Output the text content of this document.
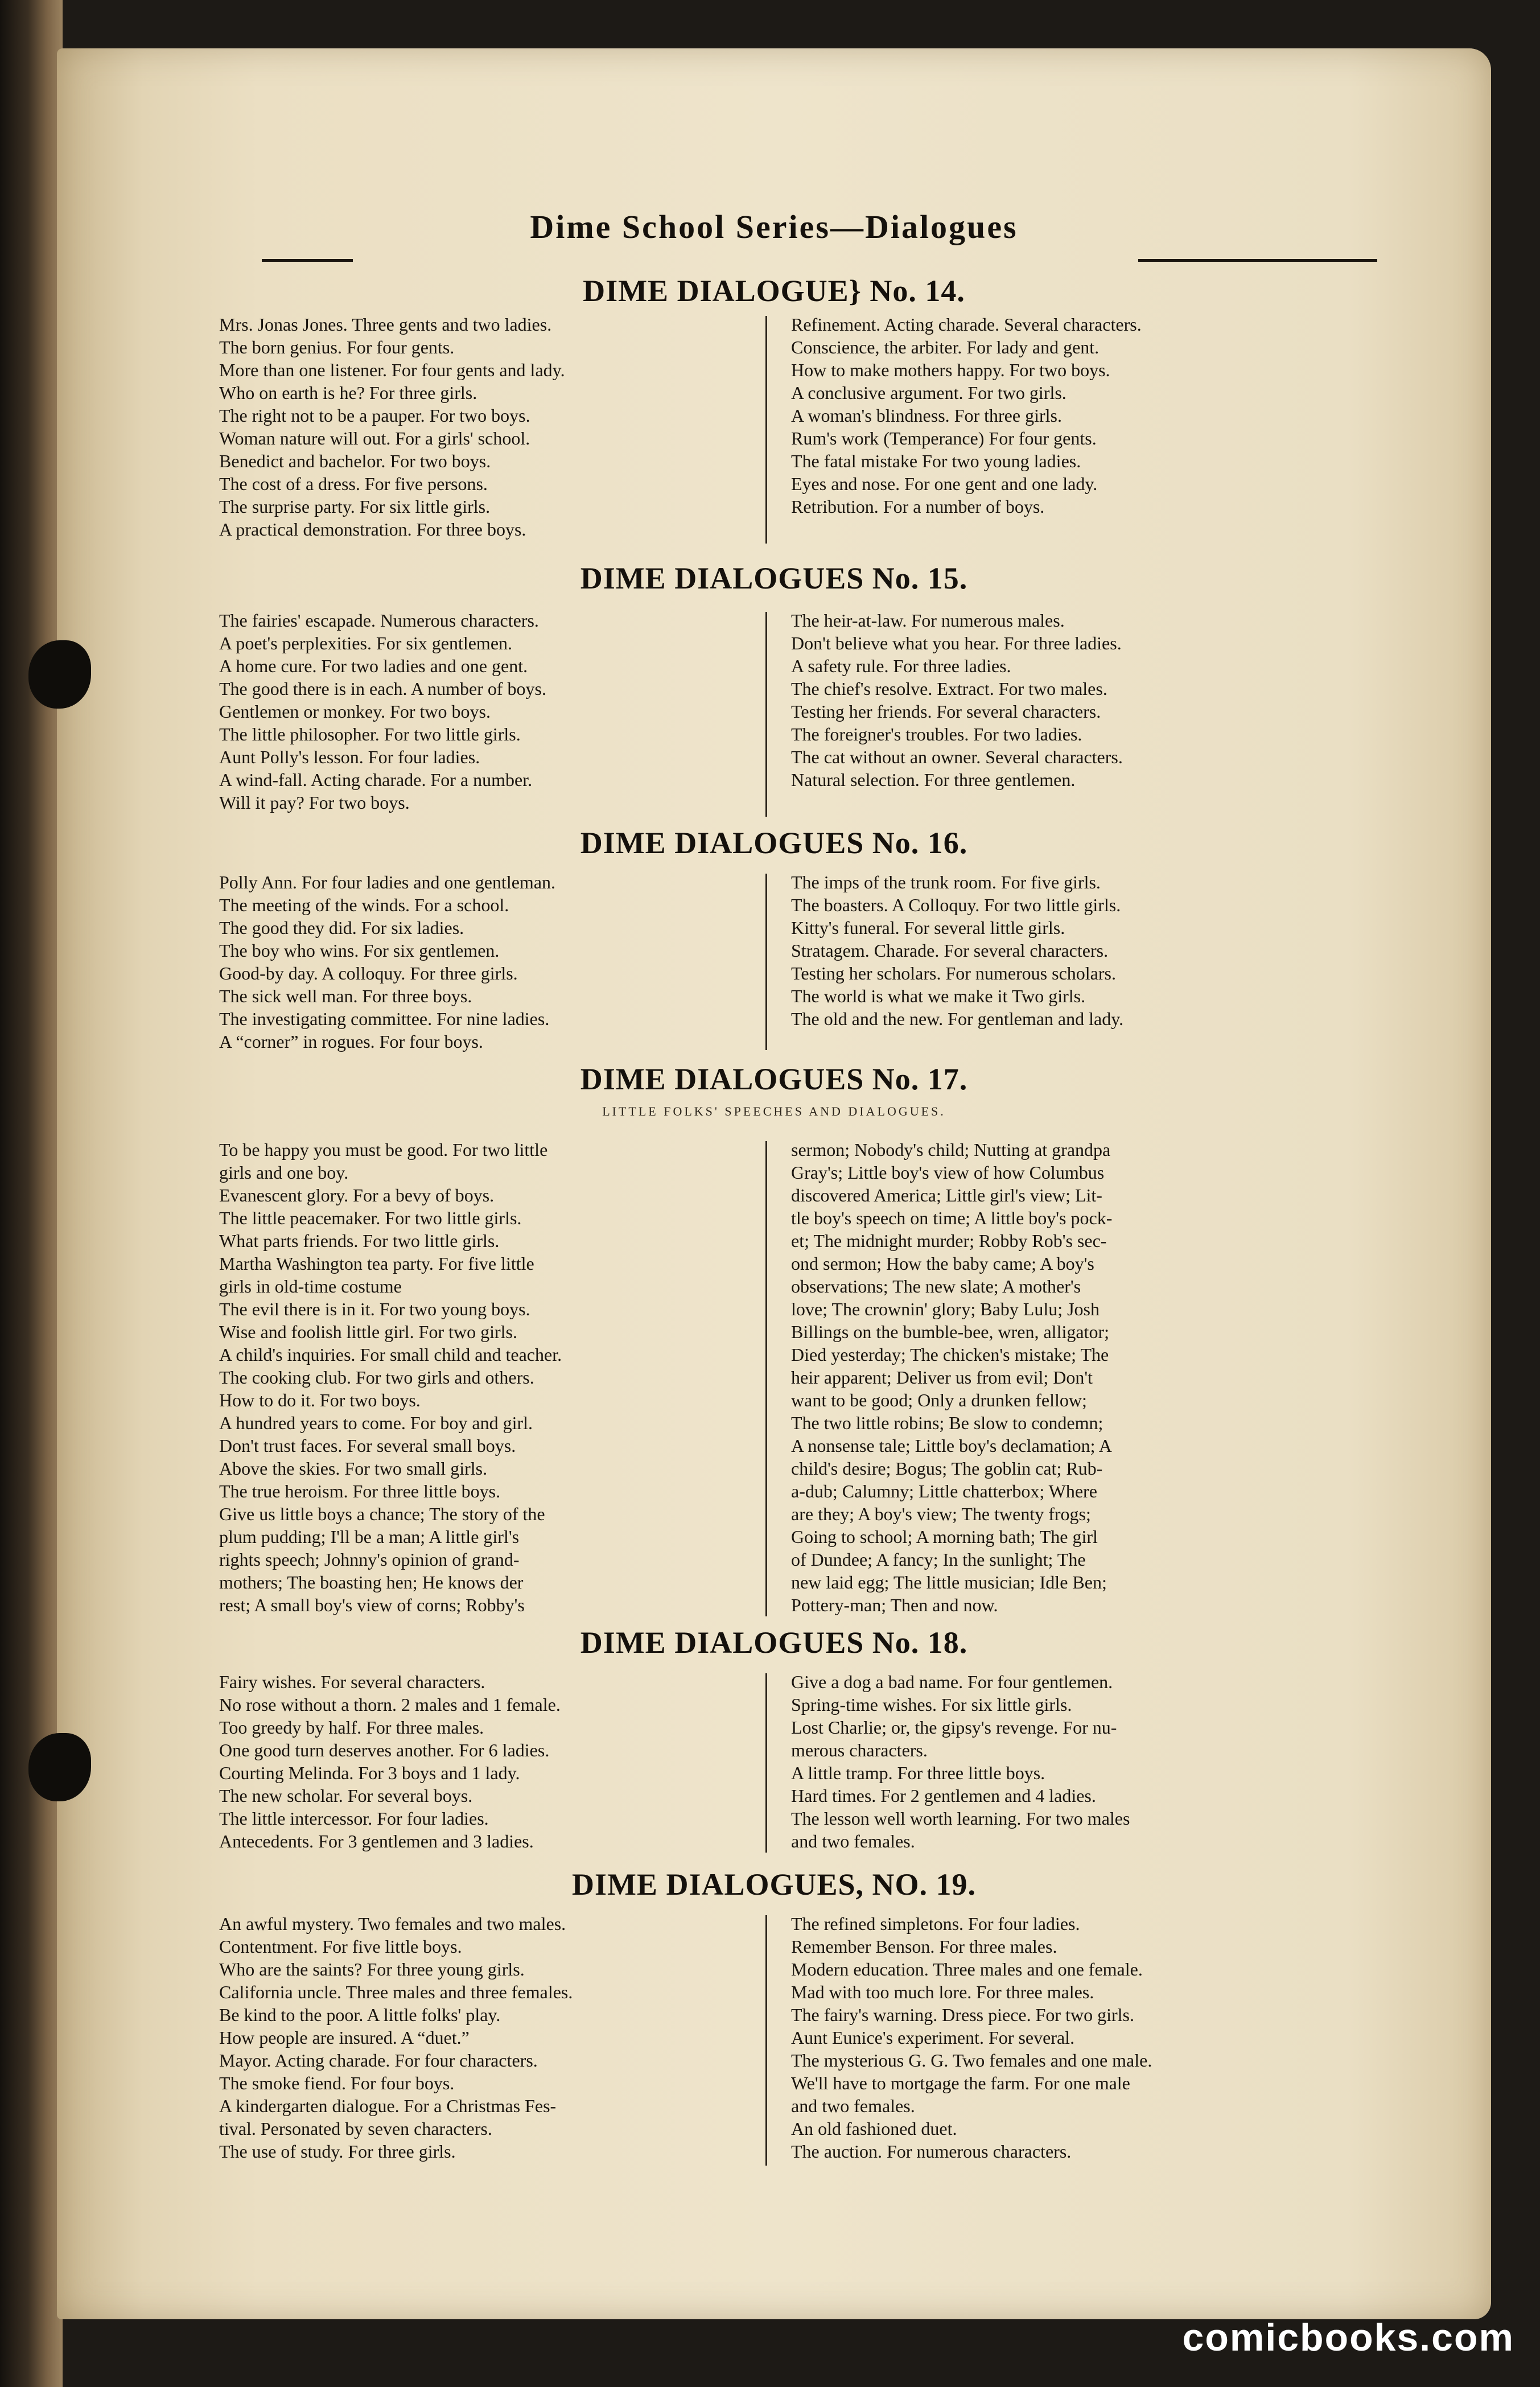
Dime School Series—Dialogues
DIME DIALOGUE} No. 14.
Mrs. Jonas Jones. Three gents and two ladies.
The born genius. For four gents.
More than one listener. For four gents and lady.
Who on earth is he? For three girls.
The right not to be a pauper. For two boys.
Woman nature will out. For a girls' school.
Benedict and bachelor. For two boys.
The cost of a dress. For five persons.
The surprise party. For six little girls.
A practical demonstration. For three boys.
Refinement. Acting charade. Several characters.
Conscience, the arbiter. For lady and gent.
How to make mothers happy. For two boys.
A conclusive argument. For two girls.
A woman's blindness. For three girls.
Rum's work (Temperance) For four gents.
The fatal mistake For two young ladies.
Eyes and nose. For one gent and one lady.
Retribution. For a number of boys.
DIME DIALOGUES No. 15.
The fairies' escapade. Numerous characters.
A poet's perplexities. For six gentlemen.
A home cure. For two ladies and one gent.
The good there is in each. A number of boys.
Gentlemen or monkey. For two boys.
The little philosopher. For two little girls.
Aunt Polly's lesson. For four ladies.
A wind-fall. Acting charade. For a number.
Will it pay? For two boys.
The heir-at-law. For numerous males.
Don't believe what you hear. For three ladies.
A safety rule. For three ladies.
The chief's resolve. Extract. For two males.
Testing her friends. For several characters.
The foreigner's troubles. For two ladies.
The cat without an owner. Several characters.
Natural selection. For three gentlemen.
DIME DIALOGUES No. 16.
Polly Ann. For four ladies and one gentleman.
The meeting of the winds. For a school.
The good they did. For six ladies.
The boy who wins. For six gentlemen.
Good-by day. A colloquy. For three girls.
The sick well man. For three boys.
The investigating committee. For nine ladies.
A “corner” in rogues. For four boys.
The imps of the trunk room. For five girls.
The boasters. A Colloquy. For two little girls.
Kitty's funeral. For several little girls.
Stratagem. Charade. For several characters.
Testing her scholars. For numerous scholars.
The world is what we make it Two girls.
The old and the new. For gentleman and lady.
DIME DIALOGUES No. 17.
LITTLE FOLKS' SPEECHES AND DIALOGUES.
To be happy you must be good. For two little
girls and one boy.
Evanescent glory. For a bevy of boys.
The little peacemaker. For two little girls.
What parts friends. For two little girls.
Martha Washington tea party. For five little
girls in old-time costume
The evil there is in it. For two young boys.
Wise and foolish little girl. For two girls.
A child's inquiries. For small child and teacher.
The cooking club. For two girls and others.
How to do it. For two boys.
A hundred years to come. For boy and girl.
Don't trust faces. For several small boys.
Above the skies. For two small girls.
The true heroism. For three little boys.
Give us little boys a chance; The story of the
plum pudding; I'll be a man; A little girl's
rights speech; Johnny's opinion of grand-
mothers; The boasting hen; He knows der
rest; A small boy's view of corns; Robby's
sermon; Nobody's child; Nutting at grandpa
Gray's; Little boy's view of how Columbus
discovered America; Little girl's view; Lit-
tle boy's speech on time; A little boy's pock-
et; The midnight murder; Robby Rob's sec-
ond sermon; How the baby came; A boy's
observations; The new slate; A mother's
love; The crownin' glory; Baby Lulu; Josh
Billings on the bumble-bee, wren, alligator;
Died yesterday; The chicken's mistake; The
heir apparent; Deliver us from evil; Don't
want to be good; Only a drunken fellow;
The two little robins; Be slow to condemn;
A nonsense tale; Little boy's declamation; A
child's desire; Bogus; The goblin cat; Rub-
a-dub; Calumny; Little chatterbox; Where
are they; A boy's view; The twenty frogs;
Going to school; A morning bath; The girl
of Dundee; A fancy; In the sunlight; The
new laid egg; The little musician; Idle Ben;
Pottery-man; Then and now.
DIME DIALOGUES No. 18.
Fairy wishes. For several characters.
No rose without a thorn. 2 males and 1 female.
Too greedy by half. For three males.
One good turn deserves another. For 6 ladies.
Courting Melinda. For 3 boys and 1 lady.
The new scholar. For several boys.
The little intercessor. For four ladies.
Antecedents. For 3 gentlemen and 3 ladies.
Give a dog a bad name. For four gentlemen.
Spring-time wishes. For six little girls.
Lost Charlie; or, the gipsy's revenge. For nu-
merous characters.
A little tramp. For three little boys.
Hard times. For 2 gentlemen and 4 ladies.
The lesson well worth learning. For two males
and two females.
DIME DIALOGUES, NO. 19.
An awful mystery. Two females and two males.
Contentment. For five little boys.
Who are the saints? For three young girls.
California uncle. Three males and three females.
Be kind to the poor. A little folks' play.
How people are insured. A “duet.”
Mayor. Acting charade. For four characters.
The smoke fiend. For four boys.
A kindergarten dialogue. For a Christmas Fes-
tival. Personated by seven characters.
The use of study. For three girls.
The refined simpletons. For four ladies.
Remember Benson. For three males.
Modern education. Three males and one female.
Mad with too much lore. For three males.
The fairy's warning. Dress piece. For two girls.
Aunt Eunice's experiment. For several.
The mysterious G. G. Two females and one male.
We'll have to mortgage the farm. For one male
and two females.
An old fashioned duet.
The auction. For numerous characters.
comicbooks.com
